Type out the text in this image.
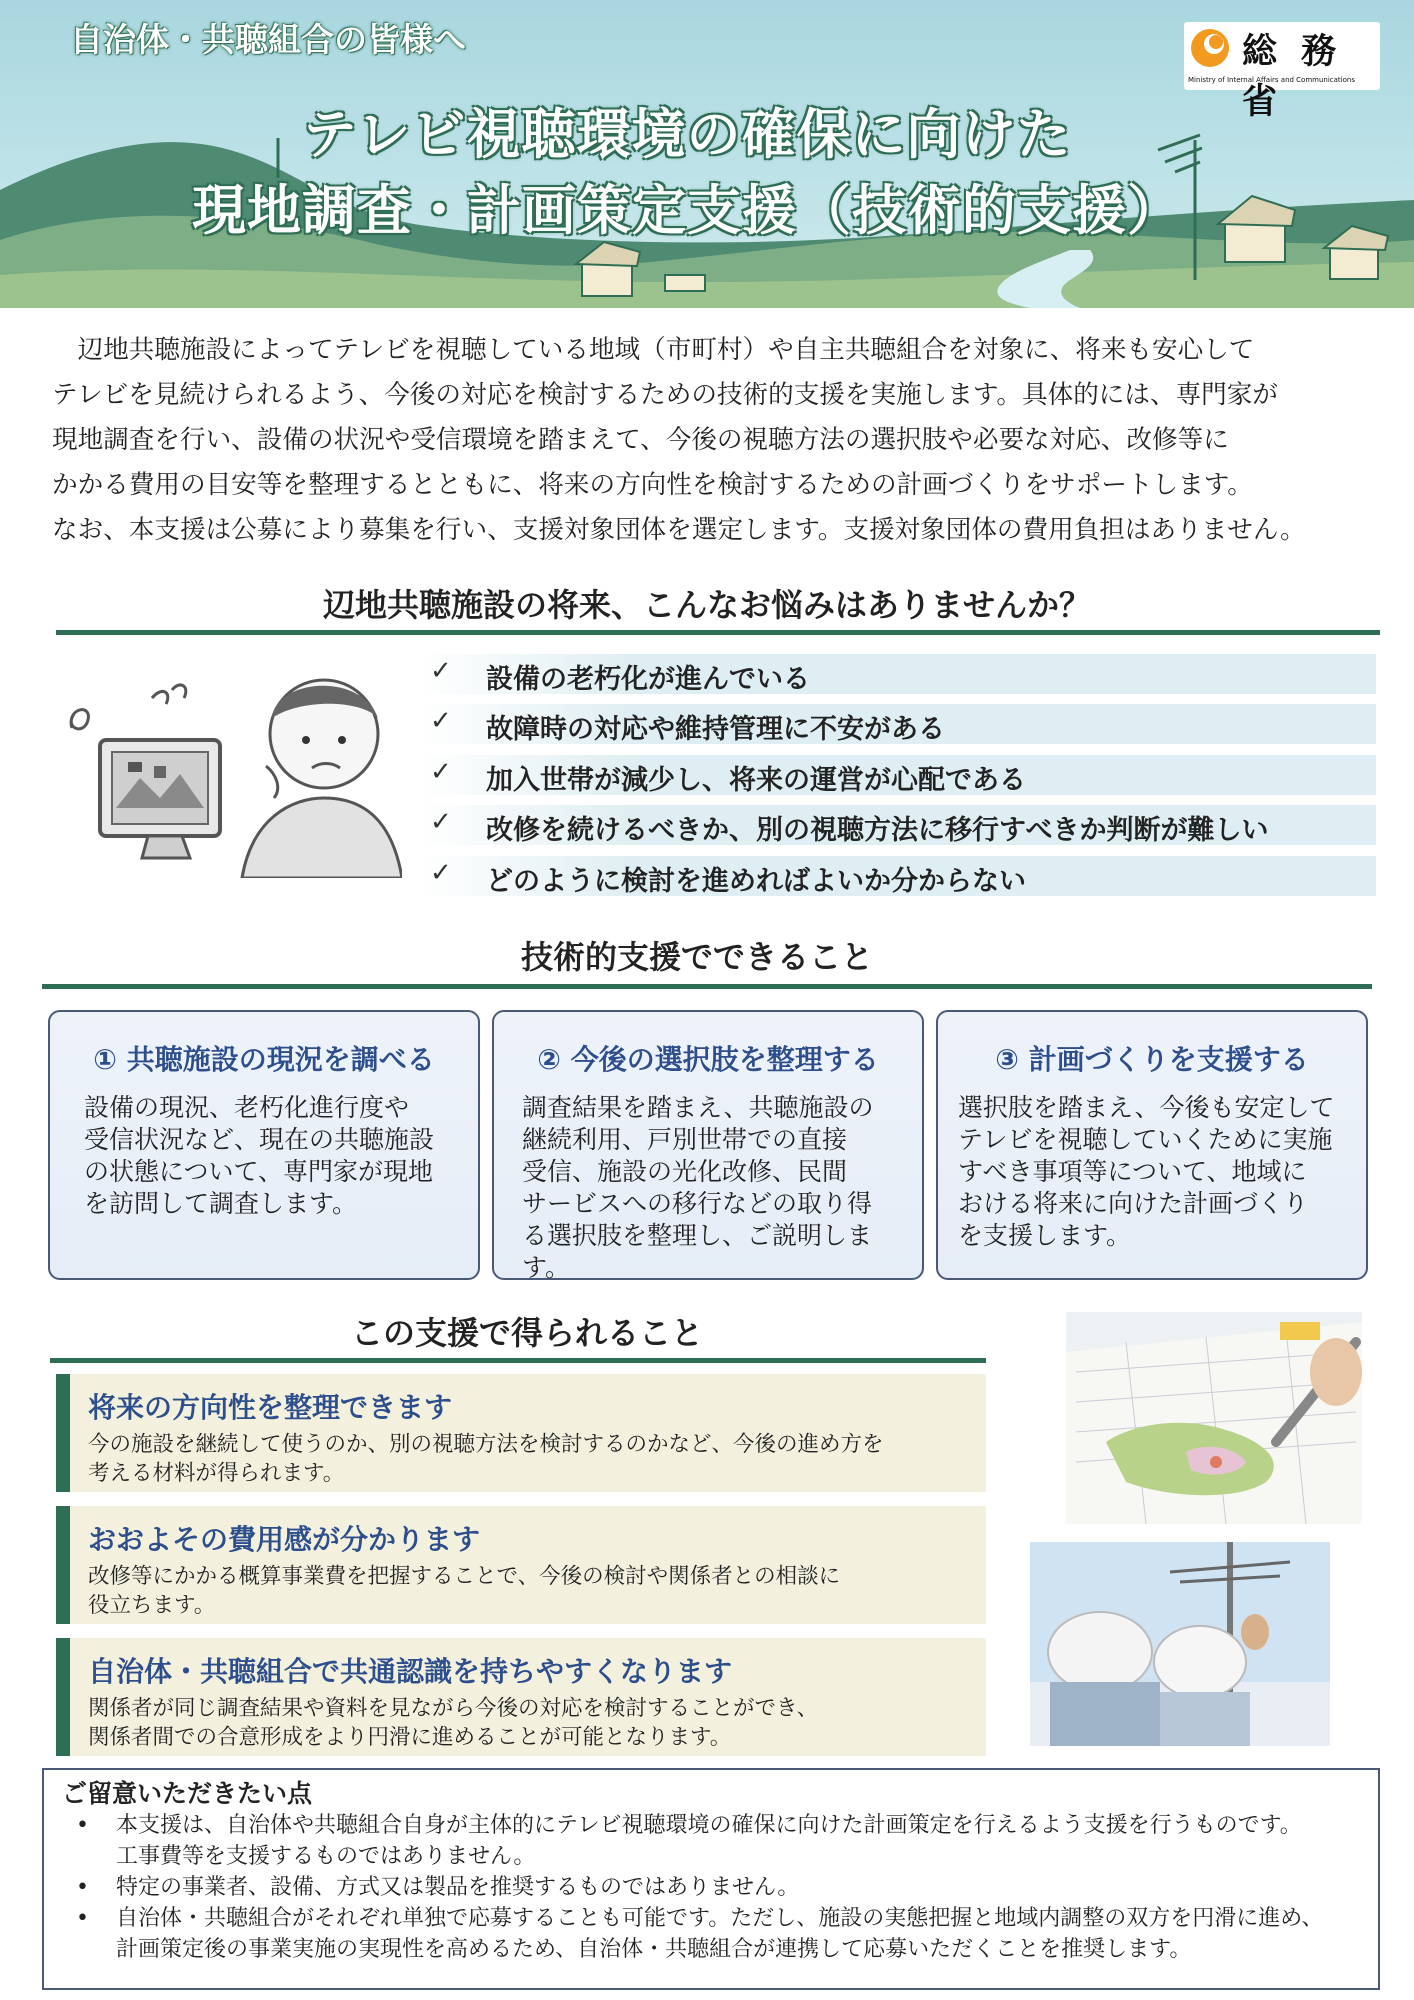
自治体・共聴組合の皆様へ
テレビ視聴環境の確保に向けた
現地調査・計画策定支援（技術的支援）
総 務 省
Ministry of Internal Affairs and Communications

　辺地共聴施設によってテレビを視聴している地域（市町村）や自主共聴組合を対象に、将来も安心して

テレビを見続けられるよう、今後の対応を検討するための技術的支援を実施します。具体的には、専門家が

現地調査を行い、設備の状況や受信環境を踏まえて、今後の視聴方法の選択肢や必要な対応、改修等に

かかる費用の目安等を整理するとともに、将来の方向性を検討するための計画づくりをサポートします。

なお、本支援は公募により募集を行い、支援対象団体を選定します。支援対象団体の費用負担はありません。

辺地共聴施設の将来、こんなお悩みはありませんか？
✓ 設備の老朽化が進んでいる
✓ 故障時の対応や維持管理に不安がある
✓ 加入世帯が減少し、将来の運営が心配である
✓ 改修を続けるべきか、別の視聴方法に移行すべきか判断が難しい
✓ どのように検討を進めればよいか分からない
技術的支援でできること
① 共聴施設の現況を調べる
設備の現況、老朽化進行度や
受信状況など、現在の共聴施設
の状態について、専門家が現地
を訪問して調査します。
② 今後の選択肢を整理する
調査結果を踏まえ、共聴施設の
継続利用、戸別世帯での直接
受信、施設の光化改修、民間
サービスへの移行などの取り得
る選択肢を整理し、ご説明します。
③ 計画づくりを支援する
選択肢を踏まえ、今後も安定して
テレビを視聴していくために実施
すべき事項等について、地域に
おける将来に向けた計画づくり
を支援します。
この支援で得られること
将来の方向性を整理できます
今の施設を継続して使うのか、別の視聴方法を検討するのかなど、今後の進め方を
考える材料が得られます。
おおよその費用感が分かります
改修等にかかる概算事業費を把握することで、今後の検討や関係者との相談に
役立ちます。
自治体・共聴組合で共通認識を持ちやすくなります
関係者が同じ調査結果や資料を見ながら今後の対応を検討することができ、
関係者間での合意形成をより円滑に進めることが可能となります。
ご留意いただきたい点
• 本支援は、自治体や共聴組合自身が主体的にテレビ視聴環境の確保に向けた計画策定を行えるよう支援を行うものです。
工事費等を支援するものではありません。
• 特定の事業者、設備、方式又は製品を推奨するものではありません。
• 自治体・共聴組合がそれぞれ単独で応募することも可能です。ただし、施設の実態把握と地域内調整の双方を円滑に進め、
計画策定後の事業実施の実現性を高めるため、自治体・共聴組合が連携して応募いただくことを推奨します。
